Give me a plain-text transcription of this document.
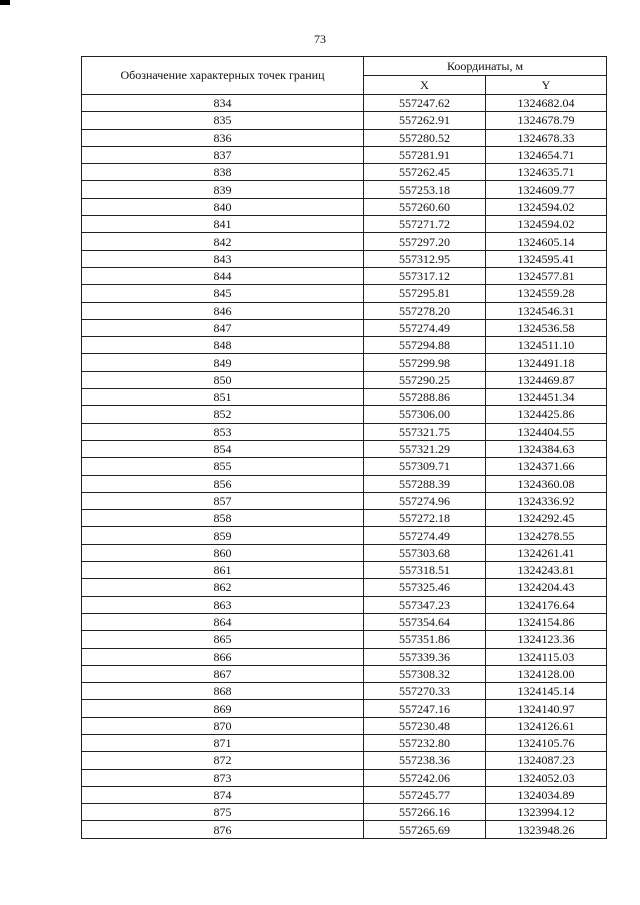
73
Обозначение характерных точек границ	Координаты, м	
	X	Y
834	557247.62	1324682.04
835	557262.91	1324678.79
836	557280.52	1324678.33
837	557281.91	1324654.71
838	557262.45	1324635.71
839	557253.18	1324609.77
840	557260.60	1324594.02
841	557271.72	1324594.02
842	557297.20	1324605.14
843	557312.95	1324595.41
844	557317.12	1324577.81
845	557295.81	1324559.28
846	557278.20	1324546.31
847	557274.49	1324536.58
848	557294.88	1324511.10
849	557299.98	1324491.18
850	557290.25	1324469.87
851	557288.86	1324451.34
852	557306.00	1324425.86
853	557321.75	1324404.55
854	557321.29	1324384.63
855	557309.71	1324371.66
856	557288.39	1324360.08
857	557274.96	1324336.92
858	557272.18	1324292.45
859	557274.49	1324278.55
860	557303.68	1324261.41
861	557318.51	1324243.81
862	557325.46	1324204.43
863	557347.23	1324176.64
864	557354.64	1324154.86
865	557351.86	1324123.36
866	557339.36	1324115.03
867	557308.32	1324128.00
868	557270.33	1324145.14
869	557247.16	1324140.97
870	557230.48	1324126.61
871	557232.80	1324105.76
872	557238.36	1324087.23
873	557242.06	1324052.03
874	557245.77	1324034.89
875	557266.16	1323994.12
876	557265.69	1323948.26
